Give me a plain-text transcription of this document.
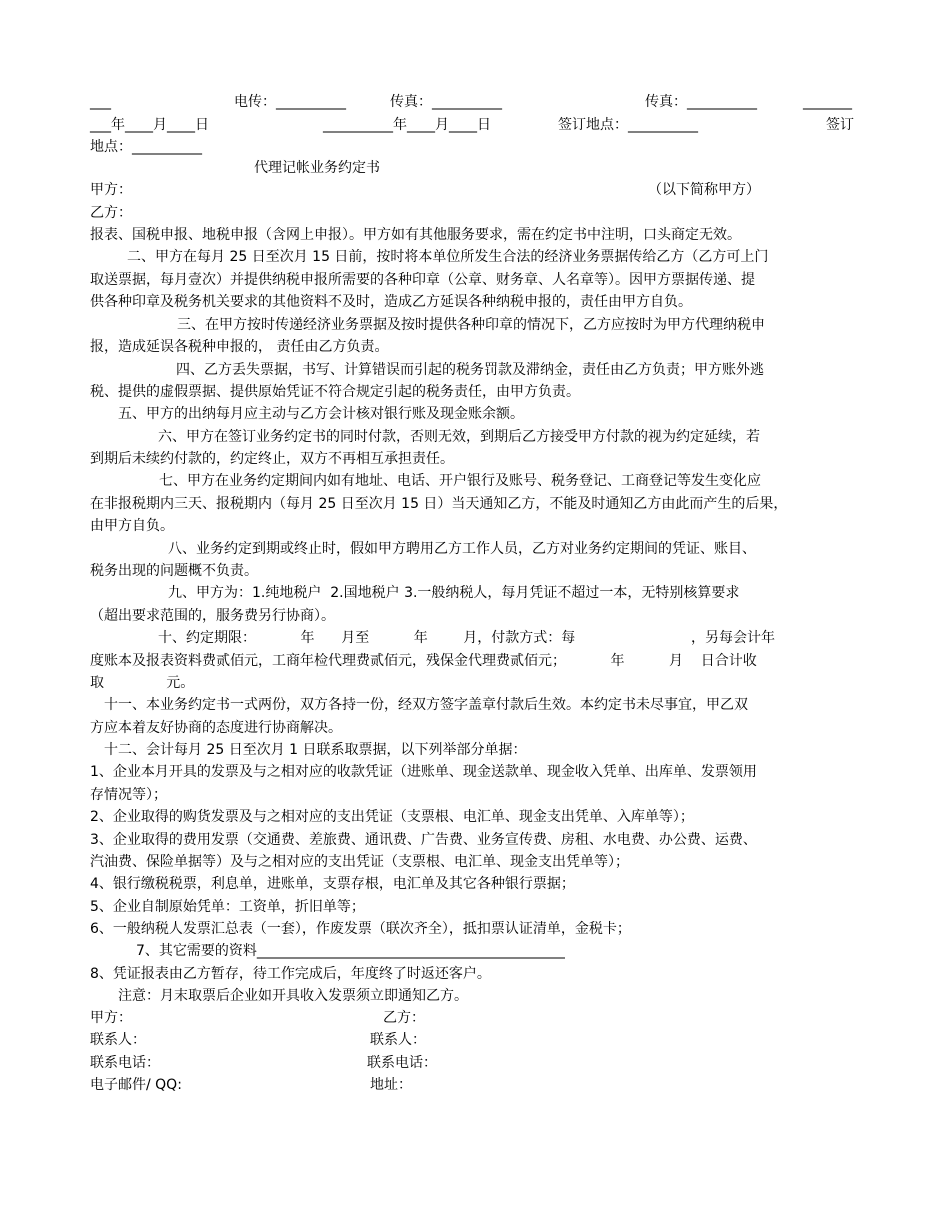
___	电传：__________	传真：__________	传真：__________	_______
___年____月____日	__________年____月____日	签订地点：__________	签订
地点：__________
代理记帐业务约定书
甲方：	（以下简称甲方）
乙方：
报表、国税申报、地税申报（含网上申报）。甲方如有其他服务要求，需在约定书中注明，口头商定无效。
二、甲方在每月 25 日至次月 15 日前，按时将本单位所发生合法的经济业务票据传给乙方（乙方可上门
取送票据，每月壹次）并提供纳税申报所需要的各种印章（公章、财务章、人名章等）。因甲方票据传递、提
供各种印章及税务机关要求的其他资料不及时，造成乙方延误各种纳税申报的，责任由甲方自负。
三、在甲方按时传递经济业务票据及按时提供各种印章的情况下，乙方应按时为甲方代理纳税申
报，造成延误各税种申报的， 责任由乙方负责。
四、乙方丢失票据，书写、计算错误而引起的税务罚款及滞纳金，责任由乙方负责；甲方账外逃
税、提供的虚假票据、提供原始凭证不符合规定引起的税务责任，由甲方负责。
五、甲方的出纳每月应主动与乙方会计核对银行账及现金账余额。
六、甲方在签订业务约定书的同时付款，否则无效，到期后乙方接受甲方付款的视为约定延续，若
到期后未续约付款的，约定终止，双方不再相互承担责任。
七、甲方在业务约定期间内如有地址、电话、开户银行及账号、税务登记、工商登记等发生变化应
在非报税期内三天、报税期内（每月 25 日至次月 15 日）当天通知乙方，不能及时通知乙方由此而产生的后果，
由甲方自负。
八、业务约定到期或终止时，假如甲方聘用乙方工作人员，乙方对业务约定期间的凭证、账目、
税务出现的问题概不负责。
九、甲方为：1.纯地税户  2.国地税户 3.一般纳税人，每月凭证不超过一本，无特别核算要求
（超出要求范围的，服务费另行协商）。
十、约定期限：          年      月至          年        月，付款方式：每                          ，另每会计年
度账本及报表资料费贰佰元，工商年检代理费贰佰元，残保金代理费贰佰元；          年          月    日合计收
取              元。
十一、本业务约定书一式两份，双方各持一份，经双方签字盖章付款后生效。本约定书未尽事宜，甲乙双
方应本着友好协商的态度进行协商解决。
十二、会计每月 25 日至次月 1 日联系取票据，以下列举部分单据：
1、企业本月开具的发票及与之相对应的收款凭证（进账单、现金送款单、现金收入凭单、出库单、发票领用
存情况等）；
2、企业取得的购货发票及与之相对应的支出凭证（支票根、电汇单、现金支出凭单、入库单等）；
3、企业取得的费用发票（交通费、差旅费、通讯费、广告费、业务宣传费、房租、水电费、办公费、运费、
汽油费、保险单据等）及与之相对应的支出凭证（支票根、电汇单、现金支出凭单等）；
4、银行缴税税票，利息单，进账单，支票存根，电汇单及其它各种银行票据；
5、企业自制原始凭单：工资单，折旧单等；
6、一般纳税人发票汇总表（一套），作废发票（联次齐全），抵扣票认证清单，金税卡；
7、其它需要的资料____________________________________________
8、凭证报表由乙方暂存，待工作完成后，年度终了时返还客户。
注意：月末取票后企业如开具收入发票须立即通知乙方。
甲方：	乙方：
联系人：	联系人：
联系电话：	联系电话：
电子邮件/ QQ:	地址：
